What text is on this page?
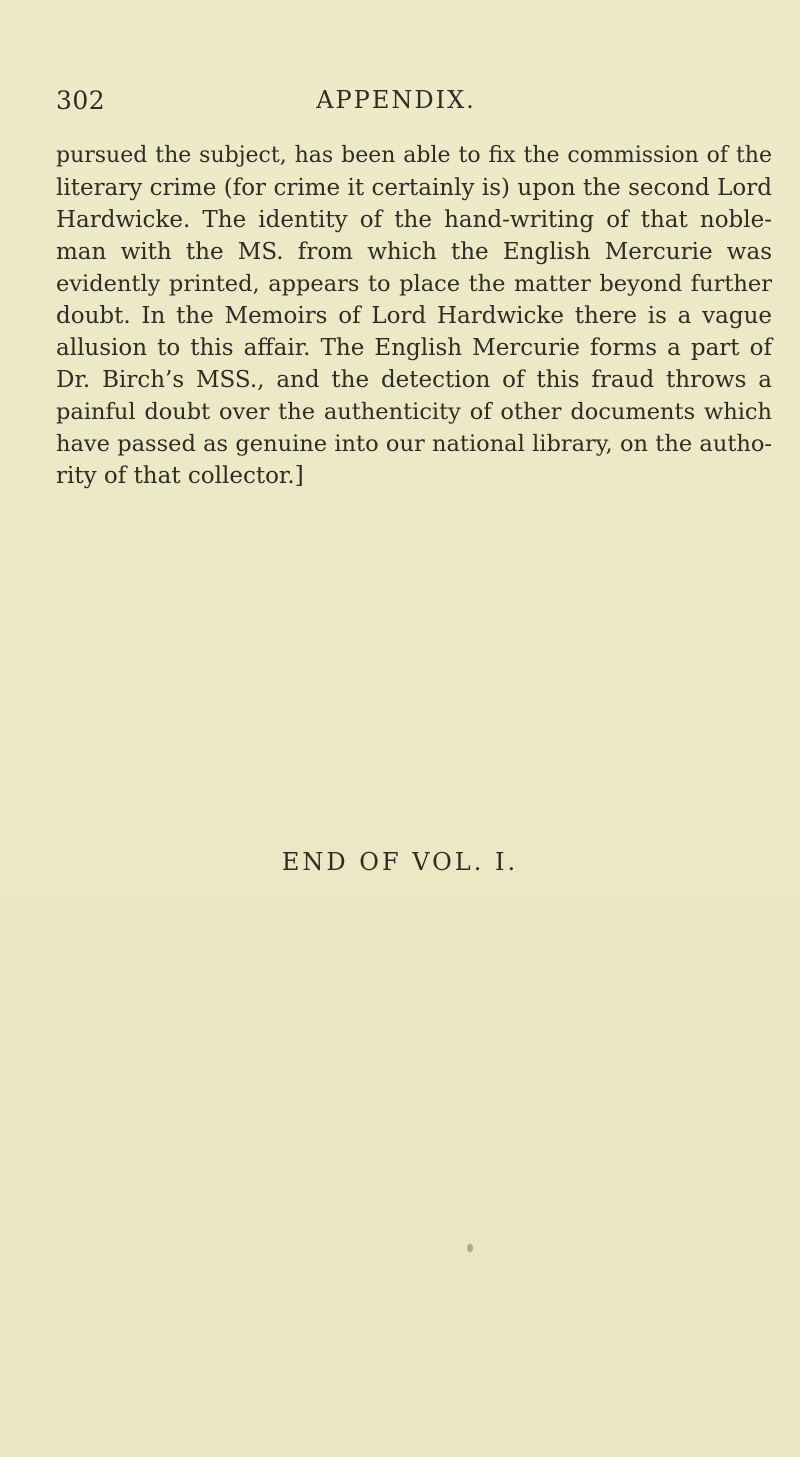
302	APPENDIX.
pursued the subject, has been able to fix the commission of the
literary crime (for crime it certainly is) upon the second Lord
Hardwicke. The identity of the hand-writing of that noble-
man with the MS. from which the English Mercurie was
evidently printed, appears to place the matter beyond further
doubt. In the Memoirs of Lord Hardwicke there is a vague
allusion to this affair. The English Mercurie forms a part of
Dr. Birch’s MSS., and the detection of this fraud throws a
painful doubt over the authenticity of other documents which
have passed as genuine into our national library, on the autho-
rity of that collector.]
END OF VOL. I.
